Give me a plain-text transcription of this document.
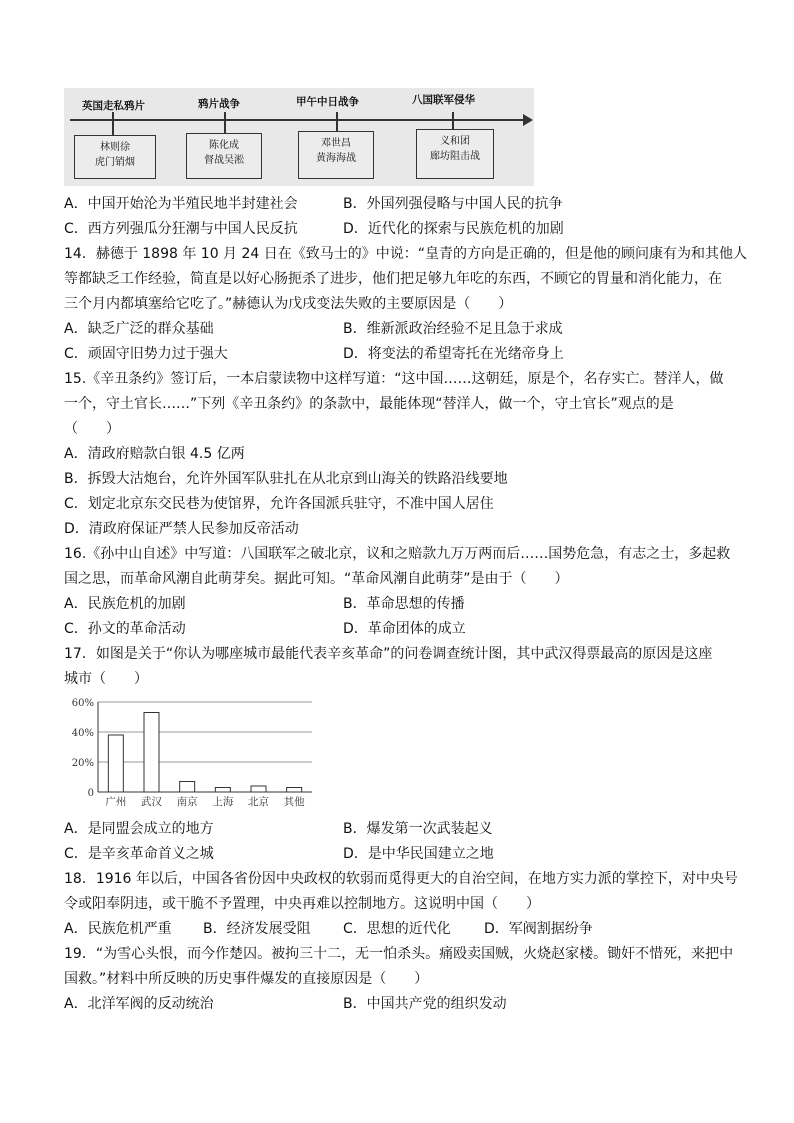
英国走私鸦片	鸦片战争	甲午中日战争	八国联军侵华
林则徐
虎门销烟
陈化成
督战吴淞
邓世昌
黄海海战
义和团
廊坊阻击战
A．中国开始沦为半殖民地半封建社会	B．外国列强侵略与中国人民的抗争
C．西方列强瓜分狂潮与中国人民反抗	D．近代化的探索与民族危机的加剧
14．赫德于 1898 年 10 月 24 日在《致马士的》中说：“皇青的方向是正确的，但是他的顾问康有为和其他人
等都缺乏工作经验，简直是以好心肠扼杀了进步，他们把足够九年吃的东西，不顾它的胃量和消化能力，在
三个月内都填塞给它吃了。”赫德认为戊戌变法失败的主要原因是（　　）
A．缺乏广泛的群众基础	B．维新派政治经验不足且急于求成
C．顽固守旧势力过于强大	D．将变法的希望寄托在光绪帝身上
15.《辛丑条约》签订后，一本启蒙读物中这样写道：“这中国……这朝廷，原是个，名存实亡。替洋人，做
一个，守土官长……”下列《辛丑条约》的条款中，最能体现“替洋人，做一个，守土官长”观点的是
（　　）
A．清政府赔款白银 4.5 亿两
B．拆毁大沽炮台，允许外国军队驻扎在从北京到山海关的铁路沿线要地
C．划定北京东交民巷为使馆界，允许各国派兵驻守，不准中国人居住
D．清政府保证严禁人民参加反帝活动
16.《孙中山自述》中写道：八国联军之破北京，议和之赔款九万万两而后……国势危急，有志之士，多起救
国之思，而革命风潮自此萌芽矣。据此可知。“革命风潮自此萌芽”是由于（　　）
A．民族危机的加剧	B．革命思想的传播
C．孙文的革命活动	D．革命团体的成立
17．如图是关于“你认为哪座城市最能代表辛亥革命”的问卷调查统计图，其中武汉得票最高的原因是这座
城市（　　）
60%
40%
20%
0
广州 武汉 南京 上海 北京 其他
A．是同盟会成立的地方	B．爆发第一次武装起义
C．是辛亥革命首义之城	D．是中华民国建立之地
18．1916 年以后，中国各省份因中央政权的软弱而觅得更大的自治空间，在地方实力派的掌控下，对中央号
令或阳奉阴违，或干脆不予置理，中央再难以控制地方。这说明中国（　　）
A．民族危机严重 B．经济发展受阻 C．思想的近代化 D．军阀割据纷争
19．“为雪心头恨，而今作楚囚。被拘三十二，无一怕杀头。痛殴卖国贼，火烧赵家楼。锄奸不惜死，来把中
国救。”材料中所反映的历史事件爆发的直接原因是（　　）
A．北洋军阀的反动统治	B．中国共产党的组织发动
